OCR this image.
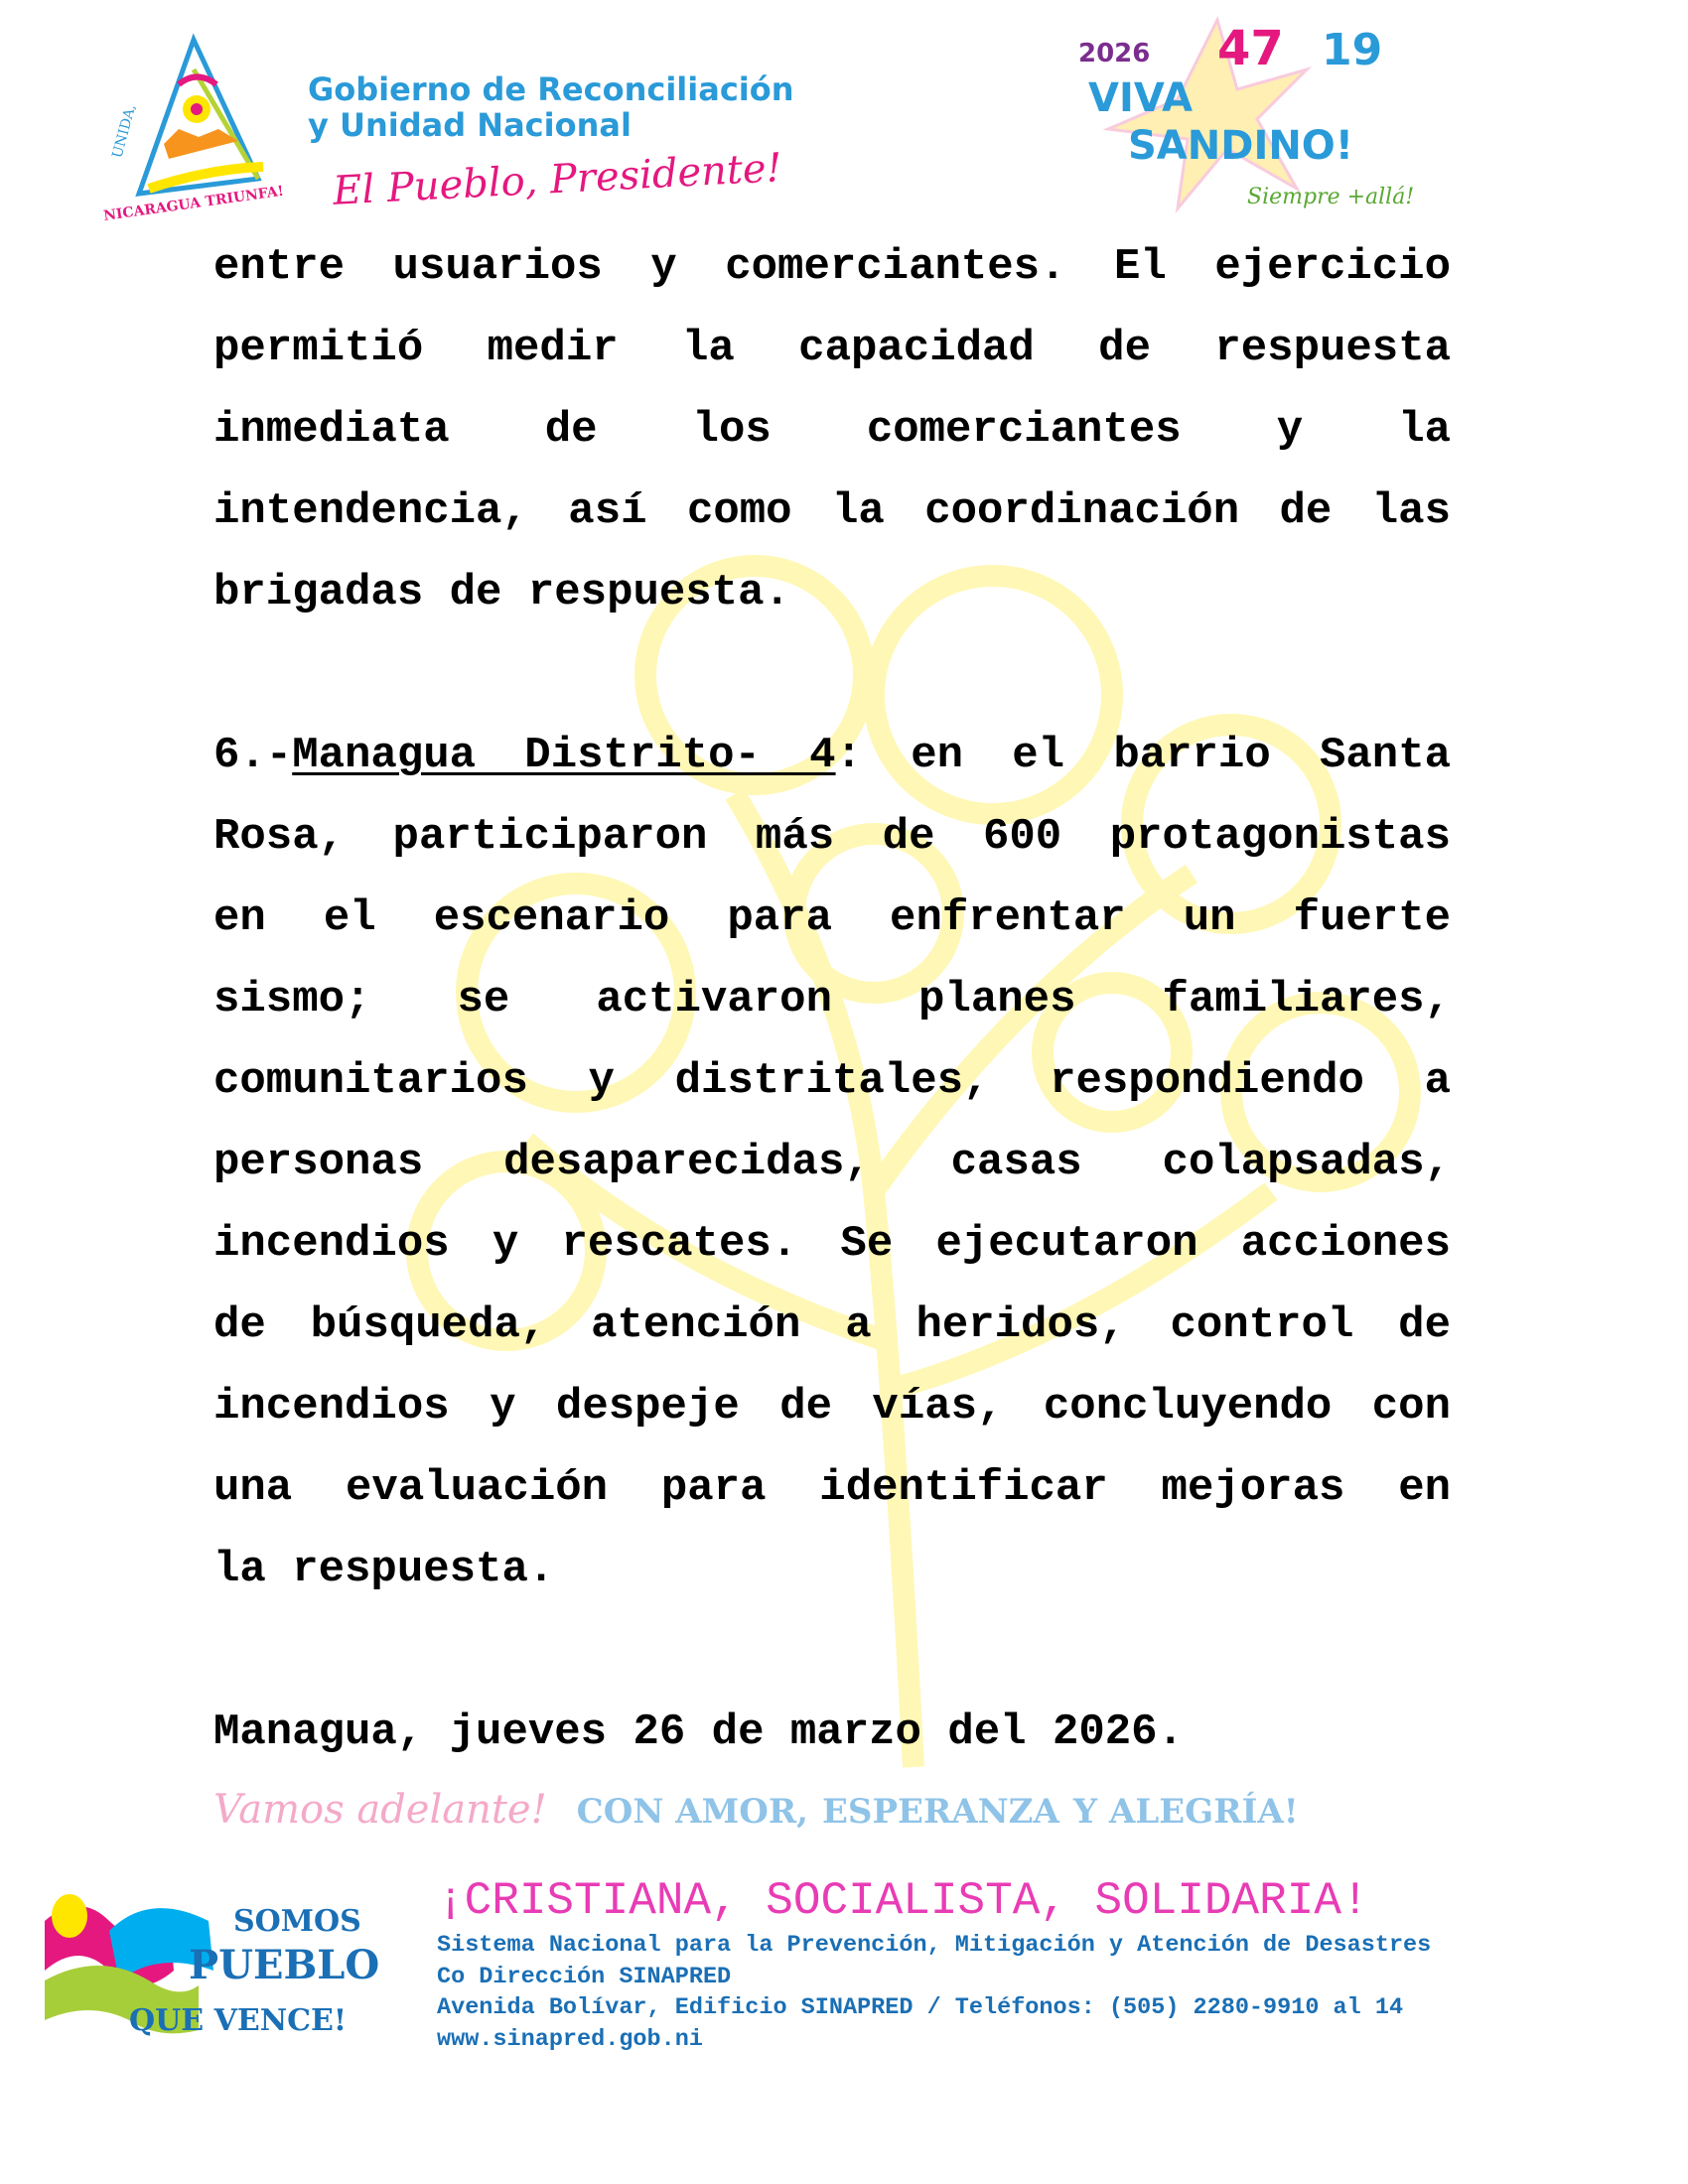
UNIDA,
NICARAGUA TRIUNFA!
Gobierno de Reconciliación
y Unidad Nacional
El Pueblo, Presidente!
2026 47 19
VIVA
SANDINO!
Siempre +allá!
entre usuarios y comerciantes. El ejercicio
permitió medir la capacidad de respuesta
inmediata de los comerciantes y la
intendencia, así como la coordinación de las
brigadas de respuesta.
6.-Managua Distrito- 4: en el barrio Santa
Rosa, participaron más de 600 protagonistas
en el escenario para enfrentar un fuerte
sismo; se activaron planes familiares,
comunitarios y distritales, respondiendo a
personas desaparecidas, casas colapsadas,
incendios y rescates. Se ejecutaron acciones
de búsqueda, atención a heridos, control de
incendios y despeje de vías, concluyendo con
una evaluación para identificar mejoras en
la respuesta.
Managua, jueves 26 de marzo del 2026.
Vamos adelante! CON AMOR, ESPERANZA Y ALEGRÍA!
SOMOS
PUEBLO
QUE VENCE!
¡CRISTIANA, SOCIALISTA, SOLIDARIA!
Sistema Nacional para la Prevención, Mitigación y Atención de Desastres
Co Dirección SINAPRED
Avenida Bolívar, Edificio SINAPRED / Teléfonos: (505) 2280-9910 al 14
www.sinapred.gob.ni
